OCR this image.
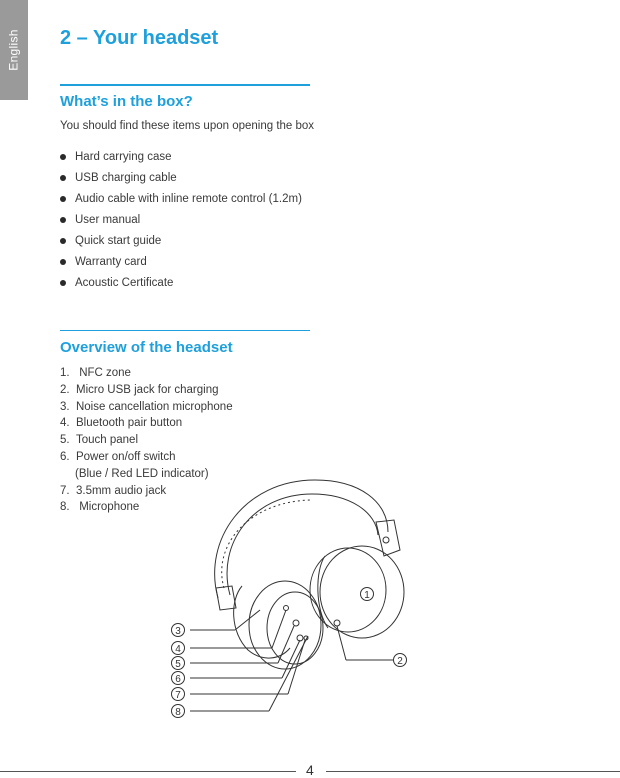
English 2 – Your headset
What’s in the box?
You should find these items upon opening the box
Hard carrying case
USB charging cable
Audio cable with inline remote control (1.2m)
User manual
Quick start guide
Warranty card
Acoustic Certificate
Overview of the headset
1. NFC zone
2. Micro USB jack for charging
3. Noise cancellation microphone
4. Bluetooth pair button
5. Touch panel
6. Power on/off switch
(Blue / Red LED indicator)
7. 3.5mm audio jack
8. Microphone
1
2
3
4
5
6
7
8
4
